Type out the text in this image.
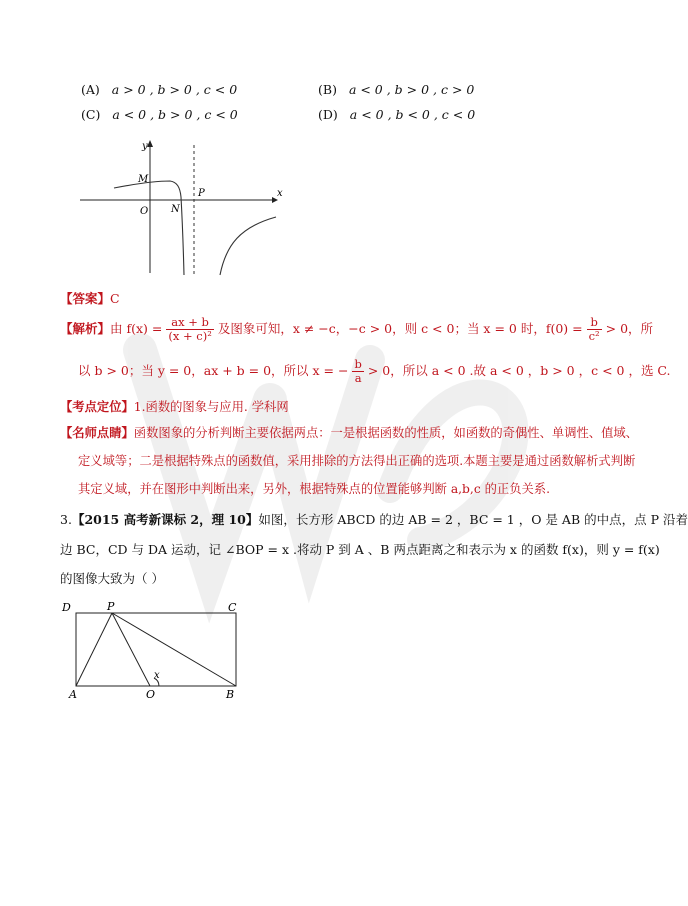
(A) a > 0 , b > 0 , c < 0	(B) a < 0 , b > 0 , c > 0
(C) a < 0 , b > 0 , c < 0	(D) a < 0 , b < 0 , c < 0
x
y
M
O N
P
【答案】C
【解析】由 $f(x) = \frac{ax + b}{\text{(x + c)²}}$ 及图象可知，x ≠ −c，−c > 0，则 c < 0；当 x = 0 时，$f(0) = \frac{b}{\text{c²}} > 0$，所
以 b > 0；当 y = 0，ax + b = 0，所以 x = − $\frac{b}{a} > 0$，所以 a < 0 .故 a < 0 ，b > 0 ，c < 0 ，选 C.
【考点定位】1.函数的图象与应用. 学科网
【名师点睛】函数图象的分析判断主要依据两点：一是根据函数的性质，如函数的奇偶性、单调性、值域、
定义域等；二是根据特殊点的函数值，采用排除的方法得出正确的选项.本题主要是通过函数解析式判断
其定义域，并在图形中判断出来，另外，根据特殊点的位置能够判断 a,b,c 的正负关系.
3.【2015 高考新课标 2，理 10】如图，长方形 ABCD 的边 AB = 2 ，BC = 1 ，O 是 AB 的中点，点 P 沿着
边 BC，CD 与 DA 运动，记 ∠BOP = x .将动 P 到 A 、B 两点距离之和表示为 x 的函数 f(x)，则 y = f(x)
的图像大致为（ ）
D	P	C
A	O	B
x
